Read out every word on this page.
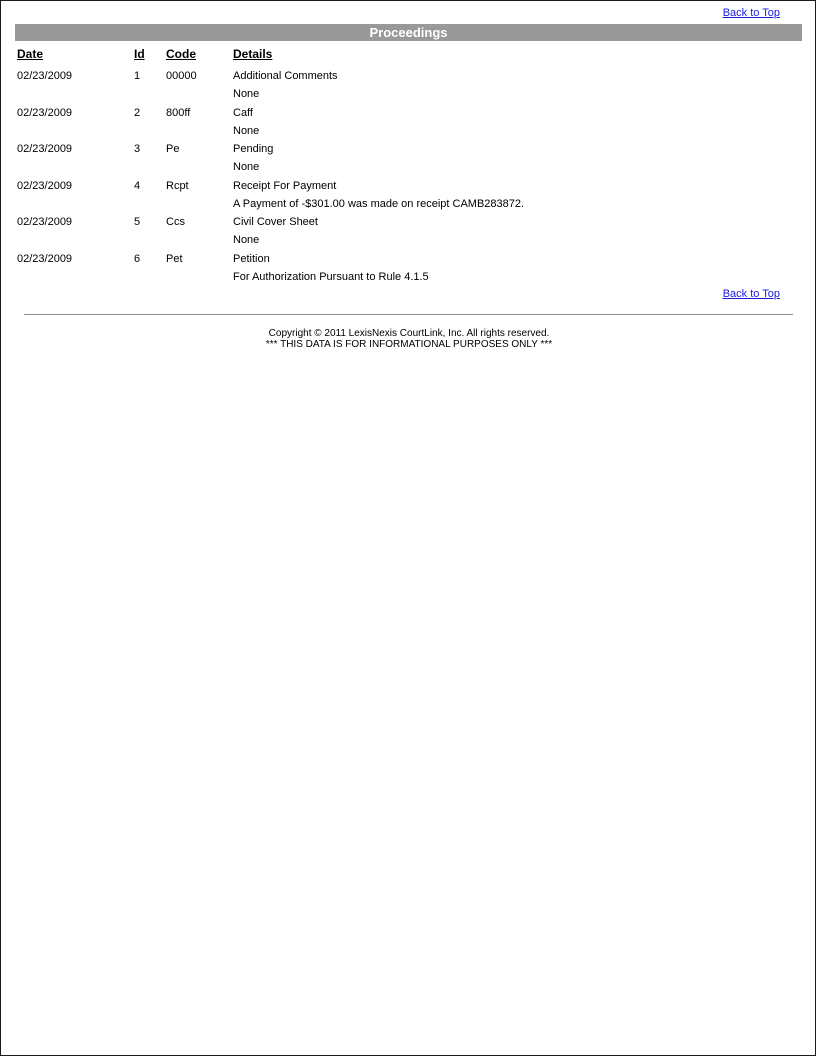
Back to Top
Proceedings
Date	Id Code	Details
02/23/2009	1 00000	Additional Comments
None
02/23/2009	2 800ff	Caff
None
02/23/2009	3 Pe	Pending
None
02/23/2009	4 Rcpt	Receipt For Payment
A Payment of -$301.00 was made on receipt CAMB283872.
02/23/2009	5 Ccs	Civil Cover Sheet
None
02/23/2009	6 Pet	Petition
For Authorization Pursuant to Rule 4.1.5
Back to Top
Copyright © 2011 LexisNexis CourtLink, Inc. All rights reserved.
*** THIS DATA IS FOR INFORMATIONAL PURPOSES ONLY ***
